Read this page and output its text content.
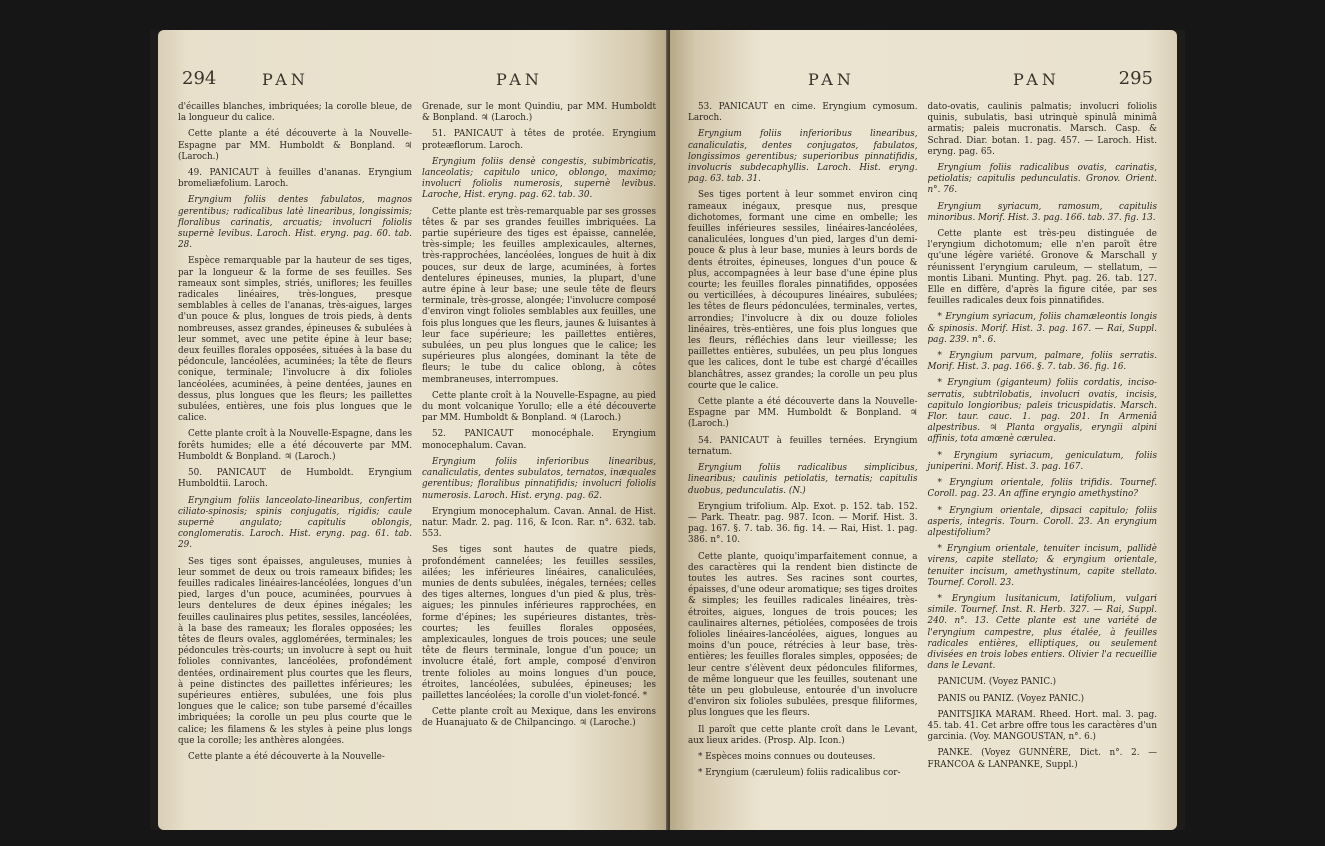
294	PAN	PAN

d'écailles blanches, imbriquées; la corolle bleue, de la longueur du calice.

Cette plante a été découverte à la Nouvelle-Espagne par MM. Humboldt & Bonpland. ♃ (Laroch.)

49. PANICAUT à feuilles d'ananas. Eryngium bromeliæfolium. Laroch.

Eryngium foliis dentes fabulatos, magnos gerentibus; radicalibus latè linearibus, longissimis; floralibus carinatis, arcuatis; involucri foliolis supernè levibus. Laroch. Hist. eryng. pag. 60. tab. 28.

Espèce remarquable par la hauteur de ses tiges, par la longueur & la forme de ses feuilles. Ses rameaux sont simples, striés, uniflores; les feuilles radicales linéaires, très-longues, presque semblables à celles de l'ananas, très-aigues, larges d'un pouce & plus, longues de trois pieds, à dents nombreuses, assez grandes, épineuses & subulées à leur sommet, avec une petite épine à leur base; deux feuilles florales opposées, situées à la base du pédoncule, lancéolées, acuminées; la tête de fleurs conique, terminale; l'involucre à dix folioles lancéolées, acuminées, à peine dentées, jaunes en dessus, plus longues que les fleurs; les paillettes subulées, entières, une fois plus longues que le calice.

Cette plante croît à la Nouvelle-Espagne, dans les forêts humides; elle a été découverte par MM. Humboldt & Bonpland. ♃ (Laroch.)

50. PANICAUT de Humboldt. Eryngium Humboldtii. Laroch.

Eryngium foliis lanceolato-linearibus, confertim ciliato-spinosis; spinis conjugatis, rigidis; caule supernè angulato; capitulis oblongis, conglomeratis. Laroch. Hist. eryng. pag. 61. tab. 29.

Ses tiges sont épaisses, anguleuses, munies à leur sommet de deux ou trois rameaux bifides; les feuilles radicales linéaires-lancéolées, longues d'un pied, larges d'un pouce, acuminées, pourvues à leurs dentelures de deux épines inégales; les feuilles caulinaires plus petites, sessiles, lancéolées, à la base des rameaux; les florales opposées; les têtes de fleurs ovales, agglomérées, terminales; les pédoncules très-courts; un involucre à sept ou huit folioles connivantes, lancéolées, profondément dentées, ordinairement plus courtes que les fleurs, à peine distinctes des paillettes inférieures; les supérieures entières, subulées, une fois plus longues que le calice; son tube parsemé d'écailles imbriquées; la corolle un peu plus courte que le calice; les filamens & les styles à peine plus longs que la corolle; les anthères alongées.

Cette plante a été découverte à la Nouvelle-

Grenade, sur le mont Quindiu, par MM. Humboldt & Bonpland. ♃ (Laroch.)

51. PANICAUT à têtes de protée. Eryngium proteæflorum. Laroch.

Eryngium foliis densè congestis, subimbricatis, lanceolatis; capitulo unico, oblongo, maximo; involucri foliolis numerosis, supernè levibus. Laroche, Hist. eryng. pag. 62. tab. 30.

Cette plante est très-remarquable par ses grosses têtes & par ses grandes feuilles imbriquées. La partie supérieure des tiges est épaisse, cannelée, très-simple; les feuilles amplexicaules, alternes, très-rapprochées, lancéolées, longues de huit à dix pouces, sur deux de large, acuminées, à fortes dentelures épineuses, munies, la plupart, d'une autre épine à leur base; une seule tête de fleurs terminale, très-grosse, alongée; l'involucre composé d'environ vingt folioles semblables aux feuilles, une fois plus longues que les fleurs, jaunes & luisantes à leur face supérieure; les paillettes entières, subulées, un peu plus longues que le calice; les supérieures plus alongées, dominant la tête de fleurs; le tube du calice oblong, à côtes membraneuses, interrompues.

Cette plante croît à la Nouvelle-Espagne, au pied du mont volcanique Yorullo; elle a été découverte par MM. Humboldt & Bonpland. ♃ (Laroch.)

52. PANICAUT monocéphale. Eryngium monocephalum. Cavan.

Eryngium foliis inferioribus linearibus, canaliculatis, dentes subulatos, ternatos, inæquales gerentibus; floralibus pinnatifidis; involucri foliolis numerosis. Laroch. Hist. eryng. pag. 62.

Eryngium monocephalum. Cavan. Annal. de Hist. natur. Madr. 2. pag. 116, & Icon. Rar. n°. 632. tab. 553.

Ses tiges sont hautes de quatre pieds, profondément cannelées; les feuilles sessiles, ailées; les inférieures linéaires, canaliculées, munies de dents subulées, inégales, ternées; celles des tiges alternes, longues d'un pied & plus, très-aigues; les pinnules inférieures rapprochées, en forme d'épines; les supérieures distantes, très-courtes; les feuilles florales opposées, amplexicaules, longues de trois pouces; une seule tête de fleurs terminale, longue d'un pouce; un involucre étalé, fort ample, composé d'environ trente folioles au moins longues d'un pouce, étroites, lancéolées, subulées, épineuses; les paillettes lancéolées; la corolle d'un violet-foncé. *

Cette plante croît au Mexique, dans les environs de Huanajuato & de Chilpancingo. ♃ (Laroche.)

PAN	PAN	295

53. PANICAUT en cime. Eryngium cymosum. Laroch.

Eryngium foliis inferioribus linearibus, canaliculatis, dentes conjugatos, fabulatos, longissimos gerentibus; superioribus pinnatifidis, involucris subdecaphyllis. Laroch. Hist. eryng. pag. 63. tab. 31.

Ses tiges portent à leur sommet environ cinq rameaux inégaux, presque nus, presque dichotomes, formant une cime en ombelle; les feuilles inférieures sessiles, linéaires-lancéolées, canaliculées, longues d'un pied, larges d'un demi-pouce & plus à leur base, munies à leurs bords de dents étroites, épineuses, longues d'un pouce & plus, accompagnées à leur base d'une épine plus courte; les feuilles florales pinnatifides, opposées ou verticillées, à découpures linéaires, subulées; les têtes de fleurs pédonculées, terminales, vertes, arrondies; l'involucre à dix ou douze folioles linéaires, très-entières, une fois plus longues que les fleurs, réfléchies dans leur vieillesse; les paillettes entières, subulées, un peu plus longues que les calices, dont le tube est chargé d'écailles blanchâtres, assez grandes; la corolle un peu plus courte que le calice.

Cette plante a été découverte dans la Nouvelle-Espagne par MM. Humboldt & Bonpland. ♃ (Laroch.)

54. PANICAUT à feuilles ternées. Eryngium ternatum.

Eryngium foliis radicalibus simplicibus, linearibus; caulinis petiolatis, ternatis; capitulis duobus, pedunculatis. (N.)

Eryngium trifolium. Alp. Exot. p. 152. tab. 152. — Park. Theatr. pag. 987. Icon. — Morif. Hist. 3. pag. 167. §. 7. tab. 36. fig. 14. — Rai, Hist. 1. pag. 386. n°. 10.

Cette plante, quoiqu'imparfaitement connue, a des caractères qui la rendent bien distincte de toutes les autres. Ses racines sont courtes, épaisses, d'une odeur aromatique; ses tiges droites & simples; les feuilles radicales linéaires, très-étroites, aigues, longues de trois pouces; les caulinaires alternes, pétiolées, composées de trois folioles linéaires-lancéolées, aigues, longues au moins d'un pouce, rétrécies à leur base, très-entières; les feuilles florales simples, opposées; de leur centre s'élèvent deux pédoncules filiformes, de même longueur que les feuilles, soutenant une tête un peu globuleuse, entourée d'un involucre d'environ six folioles subulées, presque filiformes, plus longues que les fleurs.

Il paroît que cette plante croît dans le Levant, aux lieux arides. (Prosp. Alp. Icon.)

* Espèces moins connues ou douteuses.

* Eryngium (cæruleum) foliis radicalibus cor-

dato-ovatis, caulinis palmatis; involucri foliolis quinis, subulatis, basi utrinquè spinulâ minimâ armatis; paleis mucronatis. Marsch. Casp. & Schrad. Diar. botan. 1. pag. 457. — Laroch. Hist. eryng. pag. 65.

Eryngium foliis radicalibus ovatis, carinatis, petiolatis; capitulis pedunculatis. Gronov. Orient. n°. 76.

Eryngium syriacum, ramosum, capitulis minoribus. Morif. Hist. 3. pag. 166. tab. 37. fig. 13.

Cette plante est très-peu distinguée de l'eryngium dichotomum; elle n'en paroît être qu'une légère variété. Gronove & Marschall y réunissent l'eryngium caruleum, — stellatum, — montis Libani. Munting. Phyt. pag. 26. tab. 127. Elle en diffère, d'après la figure citée, par ses feuilles radicales deux fois pinnatifides.

* Eryngium syriacum, foliis chamæleontis longis & spinosis. Morif. Hist. 3. pag. 167. — Rai, Suppl. pag. 239. n°. 6.

* Eryngium parvum, palmare, foliis serratis. Morif. Hist. 3. pag. 166. §. 7. tab. 36. fig. 16.

* Eryngium (giganteum) foliis cordatis, inciso-serratis, subtrilobatis, involucri ovatis, incisis, capitulo longioribus; paleis tricuspidatis. Marsch. Flor. taur. cauc. 1. pag. 201. In Armeniâ alpestribus. ♃ Planta orgyalis, eryngii alpini affinis, tota amœnè cærulea.

* Eryngium syriacum, geniculatum, foliis juniperini. Morif. Hist. 3. pag. 167.

* Eryngium orientale, foliis trifidis. Tournef. Coroll. pag. 23. An affine eryngio amethystino?

* Eryngium orientale, dipsaci capitulo; foliis asperis, integris. Tourn. Coroll. 23. An eryngium alpestifolium?

* Eryngium orientale, tenuiter incisum, pallidè virens, capite stellato; & eryngium orientale, tenuiter incisum, amethystinum, capite stellato. Tournef. Coroll. 23.

* Eryngium lusitanicum, latifolium, vulgari simile. Tournef. Inst. R. Herb. 327. — Rai, Suppl. 240. n°. 13. Cette plante est une variété de l'eryngium campestre, plus étalée, à feuilles radicales entières, elliptiques, ou seulement divisées en trois lobes entiers. Olivier l'a recueillie dans le Levant.

PANICUM. (Voyez PANIC.)

PANIS ou PANIZ. (Voyez PANIC.)

PANITSJIKA MARAM. Rheed. Hort. mal. 3. pag. 45. tab. 41. Cet arbre offre tous les caractères d'un garcinia. (Voy. MANGOUSTAN, n°. 6.)

PANKE. (Voyez GUNNÈRE, Dict. n°. 2. — FRANCOA & LANPANKE, Suppl.)
